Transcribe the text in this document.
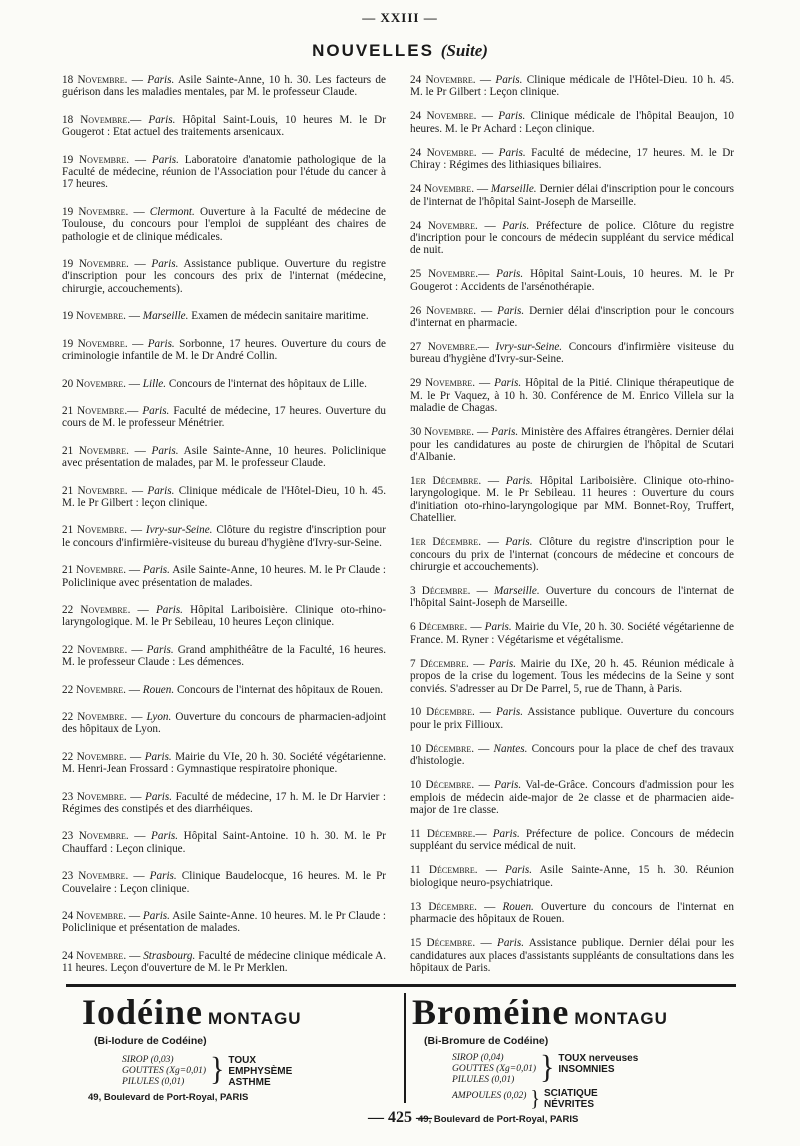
— XXIII —
NOUVELLES (Suite)

18 Novembre. — Paris. Asile Sainte-Anne, 10 h. 30. Les facteurs de guérison dans les maladies mentales, par M. le professeur Claude.

18 Novembre.— Paris. Hôpital Saint-Louis, 10 heures M. le Dr Gougerot : Etat actuel des traitements arsenicaux.

19 Novembre. — Paris. Laboratoire d'anatomie pathologique de la Faculté de médecine, réunion de l'Association pour l'étude du cancer à 17 heures.

19 Novembre. — Clermont. Ouverture à la Faculté de médecine de Toulouse, du concours pour l'emploi de suppléant des chaires de pathologie et de clinique médicales.

19 Novembre. — Paris. Assistance publique. Ouverture du registre d'inscription pour les concours des prix de l'internat (médecine, chirurgie, accouchements).

19 Novembre. — Marseille. Examen de médecin sanitaire maritime.

19 Novembre. — Paris. Sorbonne, 17 heures. Ouverture du cours de criminologie infantile de M. le Dr André Collin.

20 Novembre. — Lille. Concours de l'internat des hôpitaux de Lille.

21 Novembre.— Paris. Faculté de médecine, 17 heures. Ouverture du cours de M. le professeur Ménétrier.

21 Novembre. — Paris. Asile Sainte-Anne, 10 heures. Policlinique avec présentation de malades, par M. le professeur Claude.

21 Novembre. — Paris. Clinique médicale de l'Hôtel-Dieu, 10 h. 45. M. le Pr Gilbert : leçon clinique.

21 Novembre. — Ivry-sur-Seine. Clôture du registre d'inscription pour le concours d'infirmière-visiteuse du bureau d'hygiène d'Ivry-sur-Seine.

21 Novembre. — Paris. Asile Sainte-Anne, 10 heures. M. le Pr Claude : Policlinique avec présentation de malades.

22 Novembre. — Paris. Hôpital Lariboisière. Clinique oto-rhino-laryngologique. M. le Pr Sebileau, 10 heures Leçon clinique.

22 Novembre. — Paris. Grand amphithéâtre de la Faculté, 16 heures. M. le professeur Claude : Les démences.

22 Novembre. — Rouen. Concours de l'internat des hôpitaux de Rouen.

22 Novembre. — Lyon. Ouverture du concours de pharmacien-adjoint des hôpitaux de Lyon.

22 Novembre. — Paris. Mairie du VIe, 20 h. 30. Société végétarienne. M. Henri-Jean Frossard : Gymnastique respiratoire phonique.

23 Novembre. — Paris. Faculté de médecine, 17 h. M. le Dr Harvier : Régimes des constipés et des diarrhéiques.

23 Novembre. — Paris. Hôpital Saint-Antoine. 10 h. 30. M. le Pr Chauffard : Leçon clinique.

23 Novembre. — Paris. Clinique Baudelocque, 16 heures. M. le Pr Couvelaire : Leçon clinique.

24 Novembre. — Paris. Asile Sainte-Anne. 10 heures. M. le Pr Claude : Policlinique et présentation de malades.

24 Novembre. — Strasbourg. Faculté de médecine clinique médicale A. 11 heures. Leçon d'ouverture de M. le Pr Merklen.

24 Novembre. — Paris. Clinique médicale de l'Hôtel-Dieu. 10 h. 45. M. le Pr Gilbert : Leçon clinique.

24 Novembre. — Paris. Clinique médicale de l'hôpital Beaujon, 10 heures. M. le Pr Achard : Leçon clinique.

24 Novembre. — Paris. Faculté de médecine, 17 heures. M. le Dr Chiray : Régimes des lithiasiques biliaires.

24 Novembre. — Marseille. Dernier délai d'inscription pour le concours de l'internat de l'hôpital Saint-Joseph de Marseille.

24 Novembre. — Paris. Préfecture de police. Clôture du registre d'incription pour le concours de médecin suppléant du service médical de nuit.

25 Novembre.— Paris. Hôpital Saint-Louis, 10 heures. M. le Pr Gougerot : Accidents de l'arsénothérapie.

26 Novembre. — Paris. Dernier délai d'inscription pour le concours d'internat en pharmacie.

27 Novembre.— Ivry-sur-Seine. Concours d'infirmière visiteuse du bureau d'hygiène d'Ivry-sur-Seine.

29 Novembre. — Paris. Hôpital de la Pitié. Clinique thérapeutique de M. le Pr Vaquez, à 10 h. 30. Conférence de M. Enrico Villela sur la maladie de Chagas.

30 Novembre. — Paris. Ministère des Affaires étrangères. Dernier délai pour les candidatures au poste de chirurgien de l'hôpital de Scutari d'Albanie.

1er Décembre. — Paris. Hôpital Lariboisière. Clinique oto-rhino-laryngologique. M. le Pr Sebileau. 11 heures : Ouverture du cours d'initiation oto-rhino-laryngologique par MM. Bonnet-Roy, Truffert, Chatellier.

1er Décembre. — Paris. Clôture du registre d'inscription pour le concours du prix de l'internat (concours de médecine et concours de chirurgie et accouchements).

3 Décembre. — Marseille. Ouverture du concours de l'internat de l'hôpital Saint-Joseph de Marseille.

6 Décembre. — Paris. Mairie du VIe, 20 h. 30. Société végétarienne de France. M. Ryner : Végétarisme et végétalisme.

7 Décembre. — Paris. Mairie du IXe, 20 h. 45. Réunion médicale à propos de la crise du logement. Tous les médecins de la Seine y sont conviés. S'adresser au Dr De Parrel, 5, rue de Thann, à Paris.

10 Décembre. — Paris. Assistance publique. Ouverture du concours pour le prix Fillioux.

10 Décembre. — Nantes. Concours pour la place de chef des travaux d'histologie.

10 Décembre. — Paris. Val-de-Grâce. Concours d'admission pour les emplois de médecin aide-major de 2e classe et de pharmacien aide-major de 1re classe.

11 Décembre.— Paris. Préfecture de police. Concours de médecin suppléant du service médical de nuit.

11 Décembre. — Paris. Asile Sainte-Anne, 15 h. 30. Réunion biologique neuro-psychiatrique.

13 Décembre. — Rouen. Ouverture du concours de l'internat en pharmacie des hôpitaux de Rouen.

15 Décembre. — Paris. Assistance publique. Dernier délai pour les candidatures aux places d'assistants suppléants de consultations dans les hôpitaux de Paris.

Iodéine MONTAGU
(Bi-Iodure de Codéine)
SIROP (0,03)
GOUTTES (Xg=0,01)
PILULES (0,01) } TOUX
EMPHYSÈME
ASTHME
49, Boulevard de Port-Royal, PARIS
Broméine MONTAGU
(Bi-Bromure de Codéine)
SIROP (0,04)
GOUTTES (Xg=0,01)
PILULES (0,01) } TOUX nerveuses
INSOMNIES
AMPOULES (0,02) } SCIATIQUE
NÉVRITES
49, Boulevard de Port-Royal, PARIS
— 425 —
